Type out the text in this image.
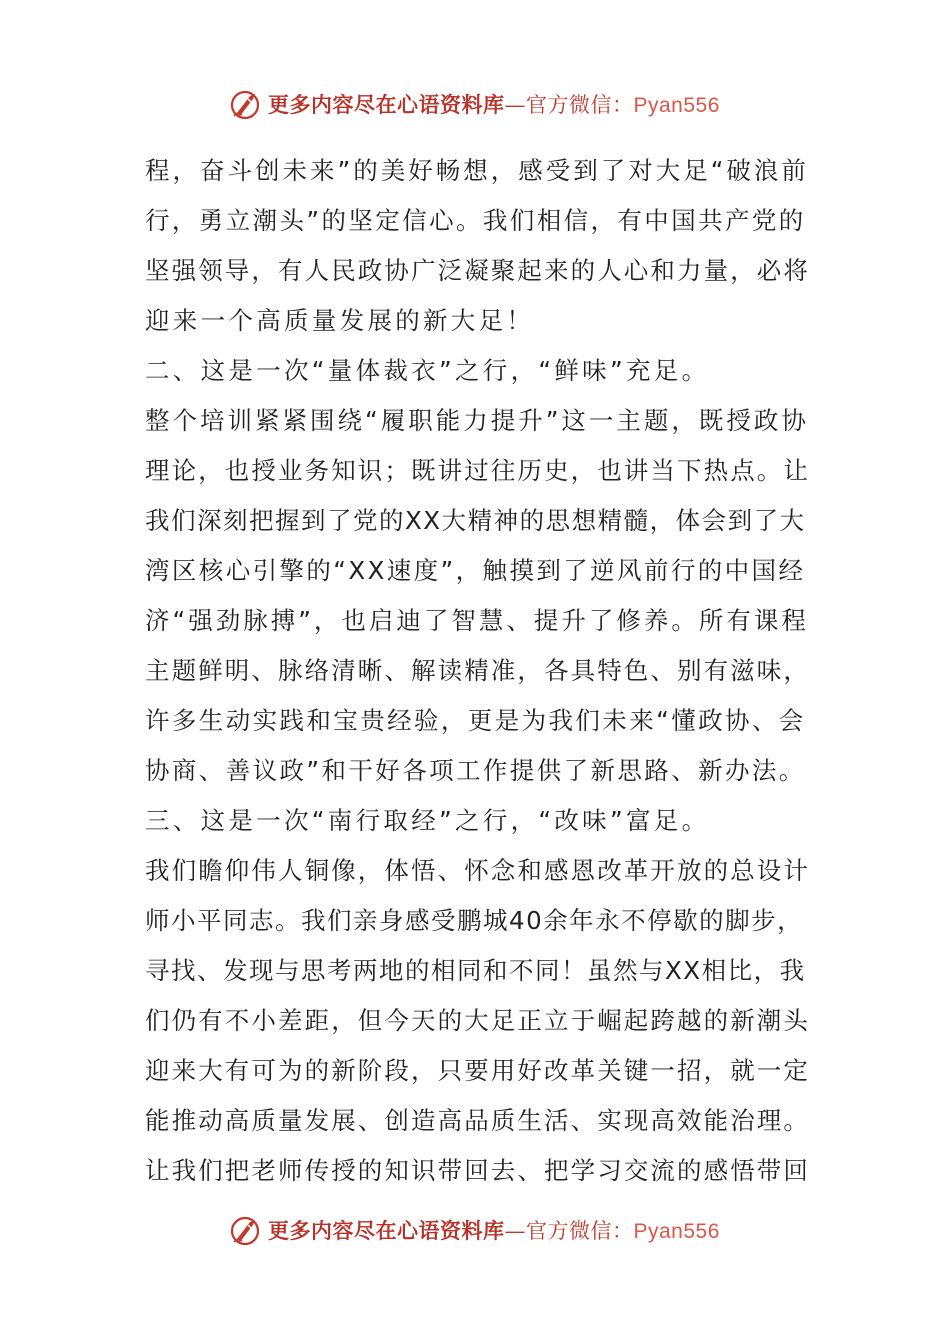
更多内容尽在心语资料库—官方微信：Pyan556
程，奋斗创未来”的美好畅想，感受到了对大足“破浪前
行，勇立潮头”的坚定信心。我们相信，有中国共产党的
坚强领导，有人民政协广泛凝聚起来的人心和力量，必将
迎来一个高质量发展的新大足！
二、这是一次“量体裁衣”之行，“鲜味”充足。
整个培训紧紧围绕“履职能力提升”这一主题，既授政协
理论，也授业务知识；既讲过往历史，也讲当下热点。让
我们深刻把握到了党的XX大精神的思想精髓，体会到了大
湾区核心引擎的“XX速度”，触摸到了逆风前行的中国经
济“强劲脉搏”，也启迪了智慧、提升了修养。所有课程
主题鲜明、脉络清晰、解读精准，各具特色、别有滋味，
许多生动实践和宝贵经验，更是为我们未来“懂政协、会
协商、善议政”和干好各项工作提供了新思路、新办法。
三、这是一次“南行取经”之行，“改味”富足。
我们瞻仰伟人铜像，体悟、怀念和感恩改革开放的总设计
师小平同志。我们亲身感受鹏城40余年永不停歇的脚步，
寻找、发现与思考两地的相同和不同！虽然与XX相比，我
们仍有不小差距，但今天的大足正立于崛起跨越的新潮头
迎来大有可为的新阶段，只要用好改革关键一招，就一定
能推动高质量发展、创造高品质生活、实现高效能治理。
让我们把老师传授的知识带回去、把学习交流的感悟带回
更多内容尽在心语资料库—官方微信：Pyan556
